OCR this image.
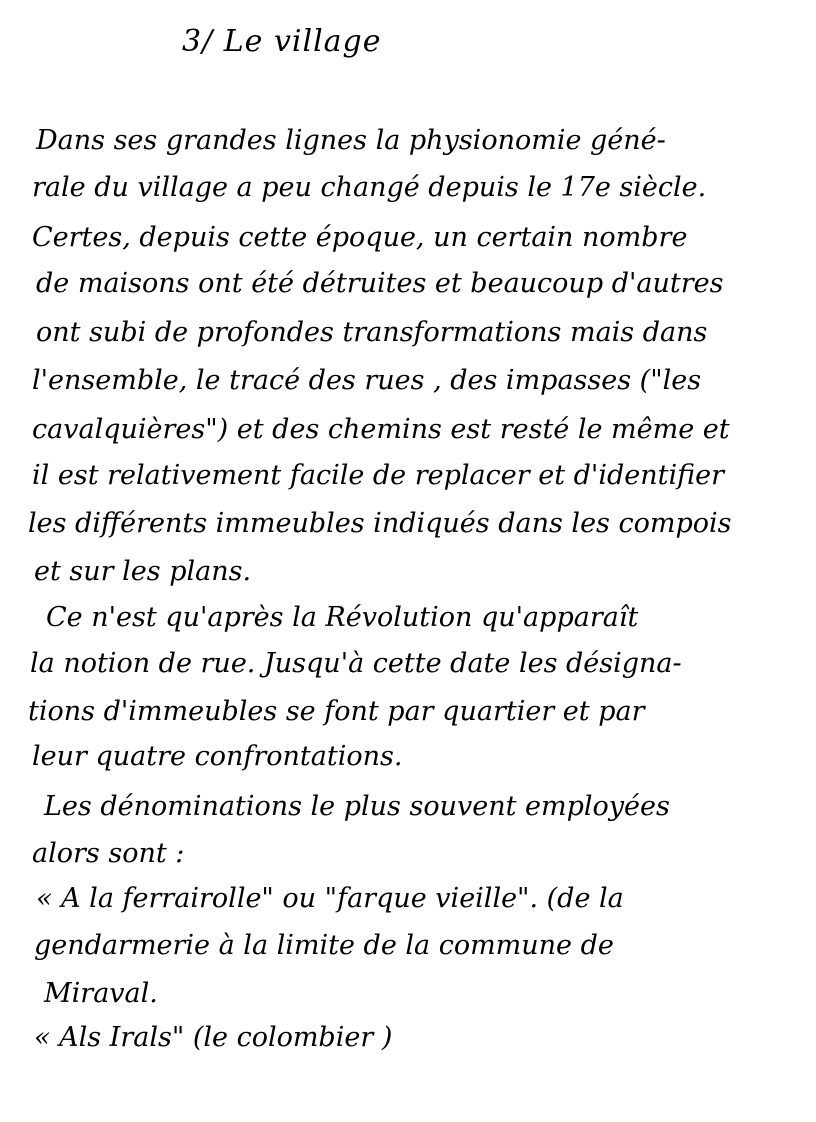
3/ Le village
Dans ses grandes lignes la physionomie géné-
rale du village a peu changé depuis le 17e siècle.
Certes, depuis cette époque, un certain nombre
de maisons ont été détruites et beaucoup d'autres
ont subi de profondes transformations mais dans
l'ensemble, le tracé des rues , des impasses ("les
cavalquières") et des chemins est resté le même et
il est relativement facile de replacer et d'identifier
les différents immeubles indiqués dans les compois
et sur les plans.
Ce n'est qu'après la Révolution qu'apparaît
la notion de rue. Jusqu'à cette date les désigna-
tions d'immeubles se font par quartier et par
leur quatre confrontations.
Les dénominations le plus souvent employées
alors sont :
« A la ferrairolle" ou "farque vieille". (de la
gendarmerie à la limite de la commune de
Miraval.
« Als Irals" (le colombier )
